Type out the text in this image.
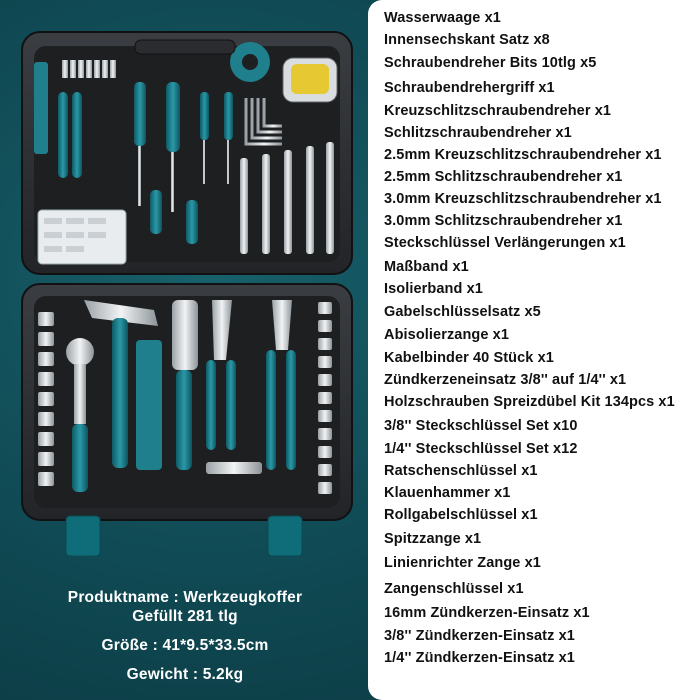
Produktname : Werkzeugkoffer
Gefüllt 281 tlg
Größe : 41*9.5*33.5cm
Gewicht : 5.2kg
Wasserwaage x1
Innensechskant Satz x8
Schraubendreher Bits 10tlg x5
Schraubendrehergriff x1
Kreuzschlitzschraubendreher x1
Schlitzschraubendreher x1
2.5mm Kreuzschlitzschraubendreher x1
2.5mm Schlitzschraubendreher x1
3.0mm Kreuzschlitzschraubendreher x1
3.0mm Schlitzschraubendreher x1
Steckschlüssel Verlängerungen x1
Maßband x1
Isolierband x1
Gabelschlüsselsatz x5
Abisolierzange x1
Kabelbinder 40 Stück x1
Zündkerzeneinsatz 3/8'' auf 1/4'' x1
Holzschrauben Spreizdübel Kit 134pcs x1
3/8'' Steckschlüssel Set x10
1/4'' Steckschlüssel Set x12
Ratschenschlüssel x1
Klauenhammer x1
Rollgabelschlüssel x1
Spitzzange x1
Linienrichter Zange x1
Zangenschlüssel x1
16mm Zündkerzen-Einsatz x1
3/8'' Zündkerzen-Einsatz x1
1/4'' Zündkerzen-Einsatz x1
